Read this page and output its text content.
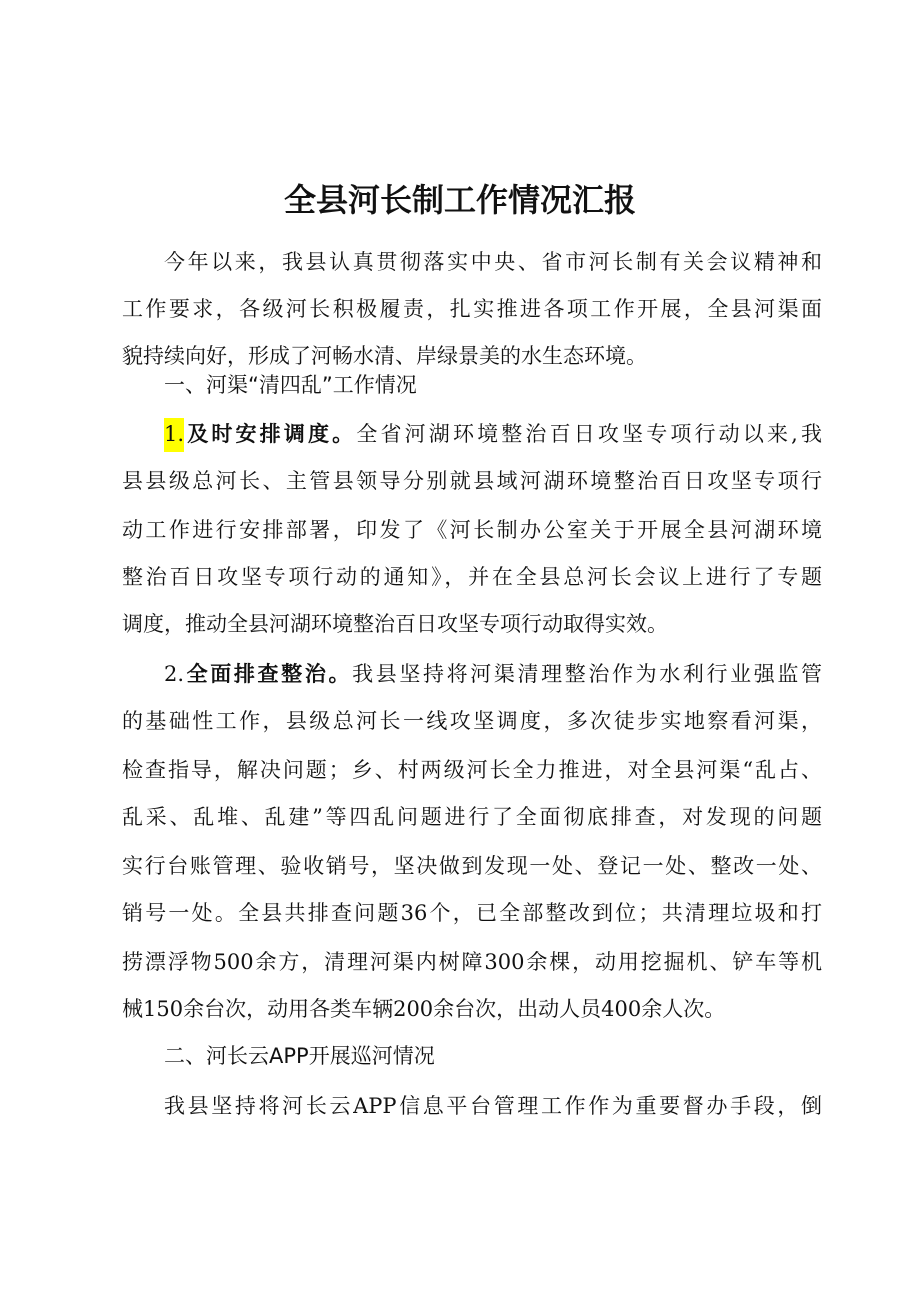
全县河长制工作情况汇报
今年以来，我县认真贯彻落实中央、省市河长制有关会议精神和
工作要求，各级河长积极履责，扎实推进各项工作开展，全县河渠面
貌持续向好，形成了河畅水清、岸绿景美的水生态环境。
一、河渠“清四乱”工作情况
1.及时安排调度。全省河湖环境整治百日攻坚专项行动以来,我
县县级总河长、主管县领导分别就县域河湖环境整治百日攻坚专项行
动工作进行安排部署，印发了《河长制办公室关于开展全县河湖环境
整治百日攻坚专项行动的通知》，并在全县总河长会议上进行了专题
调度，推动全县河湖环境整治百日攻坚专项行动取得实效。
2.全面排查整治。我县坚持将河渠清理整治作为水利行业强监管
的基础性工作，县级总河长一线攻坚调度，多次徒步实地察看河渠，
检查指导，解决问题；乡、村两级河长全力推进，对全县河渠“乱占、
乱采、乱堆、乱建”等四乱问题进行了全面彻底排查，对发现的问题
实行台账管理、验收销号，坚决做到发现一处、登记一处、整改一处、
销号一处。全县共排查问题36个，已全部整改到位；共清理垃圾和打
捞漂浮物500余方，清理河渠内树障300余棵，动用挖掘机、铲车等机
械150余台次，动用各类车辆200余台次，出动人员400余人次。
二、河长云APP开展巡河情况
我县坚持将河长云APP信息平台管理工作作为重要督办手段，倒
